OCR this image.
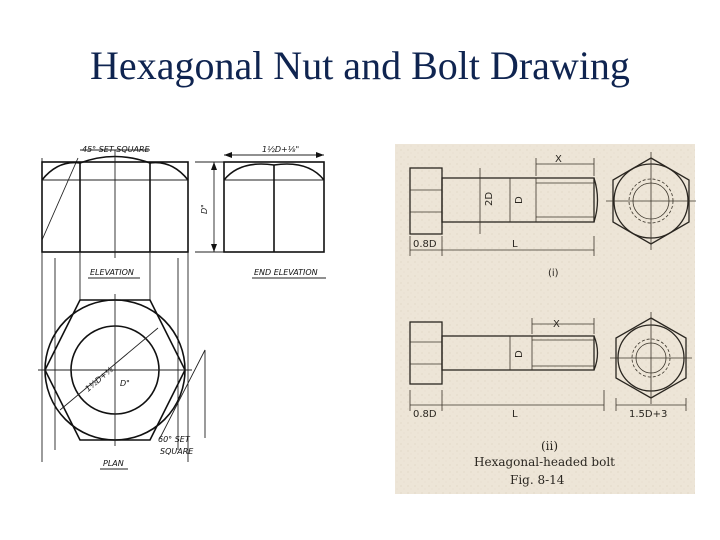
Hexagonal Nut and Bolt Drawing
45° SET SQUARE
D"
ELEVATION
1½D+⅛"
END ELEVATION
1½D+⅛ D"
60° SET
SQUARE
PLAN
X
2D D
0.8D	L
(i)
X
D
0.8D	L	1.5D+3
(ii)
Hexagonal-headed bolt
Fig. 8-14
